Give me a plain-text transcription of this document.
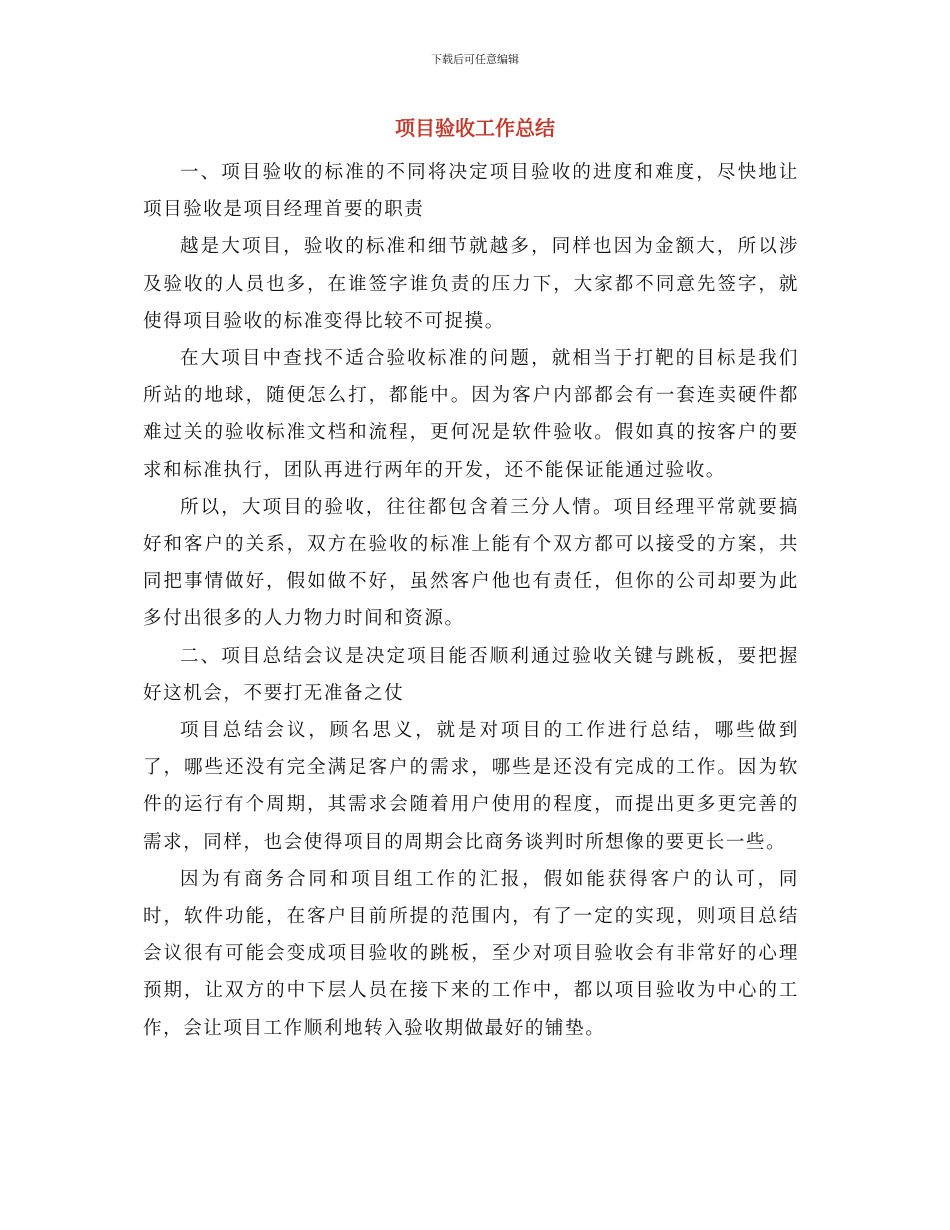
下载后可任意编辑
项目验收工作总结

一、项目验收的标准的不同将决定项目验收的进度和难度，尽快地让项目验收是项目经理首要的职责

越是大项目，验收的标准和细节就越多，同样也因为金额大，所以涉及验收的人员也多，在谁签字谁负责的压力下，大家都不同意先签字，就使得项目验收的标准变得比较不可捉摸。

在大项目中查找不适合验收标准的问题，就相当于打靶的目标是我们所站的地球，随便怎么打，都能中。因为客户内部都会有一套连卖硬件都难过关的验收标准文档和流程，更何况是软件验收。假如真的按客户的要求和标准执行，团队再进行两年的开发，还不能保证能通过验收。

所以，大项目的验收，往往都包含着三分人情。项目经理平常就要搞好和客户的关系，双方在验收的标准上能有个双方都可以接受的方案，共同把事情做好，假如做不好，虽然客户他也有责任，但你的公司却要为此多付出很多的人力物力时间和资源。

二、项目总结会议是决定项目能否顺利通过验收关键与跳板，要把握好这机会，不要打无准备之仗

项目总结会议，顾名思义，就是对项目的工作进行总结，哪些做到了，哪些还没有完全满足客户的需求，哪些是还没有完成的工作。因为软件的运行有个周期，其需求会随着用户使用的程度，而提出更多更完善的需求，同样，也会使得项目的周期会比商务谈判时所想像的要更长一些。

因为有商务合同和项目组工作的汇报，假如能获得客户的认可，同时，软件功能，在客户目前所提的范围内，有了一定的实现，则项目总结会议很有可能会变成项目验收的跳板，至少对项目验收会有非常好的心理预期，让双方的中下层人员在接下来的工作中，都以项目验收为中心的工作，会让项目工作顺利地转入验收期做最好的铺垫。
